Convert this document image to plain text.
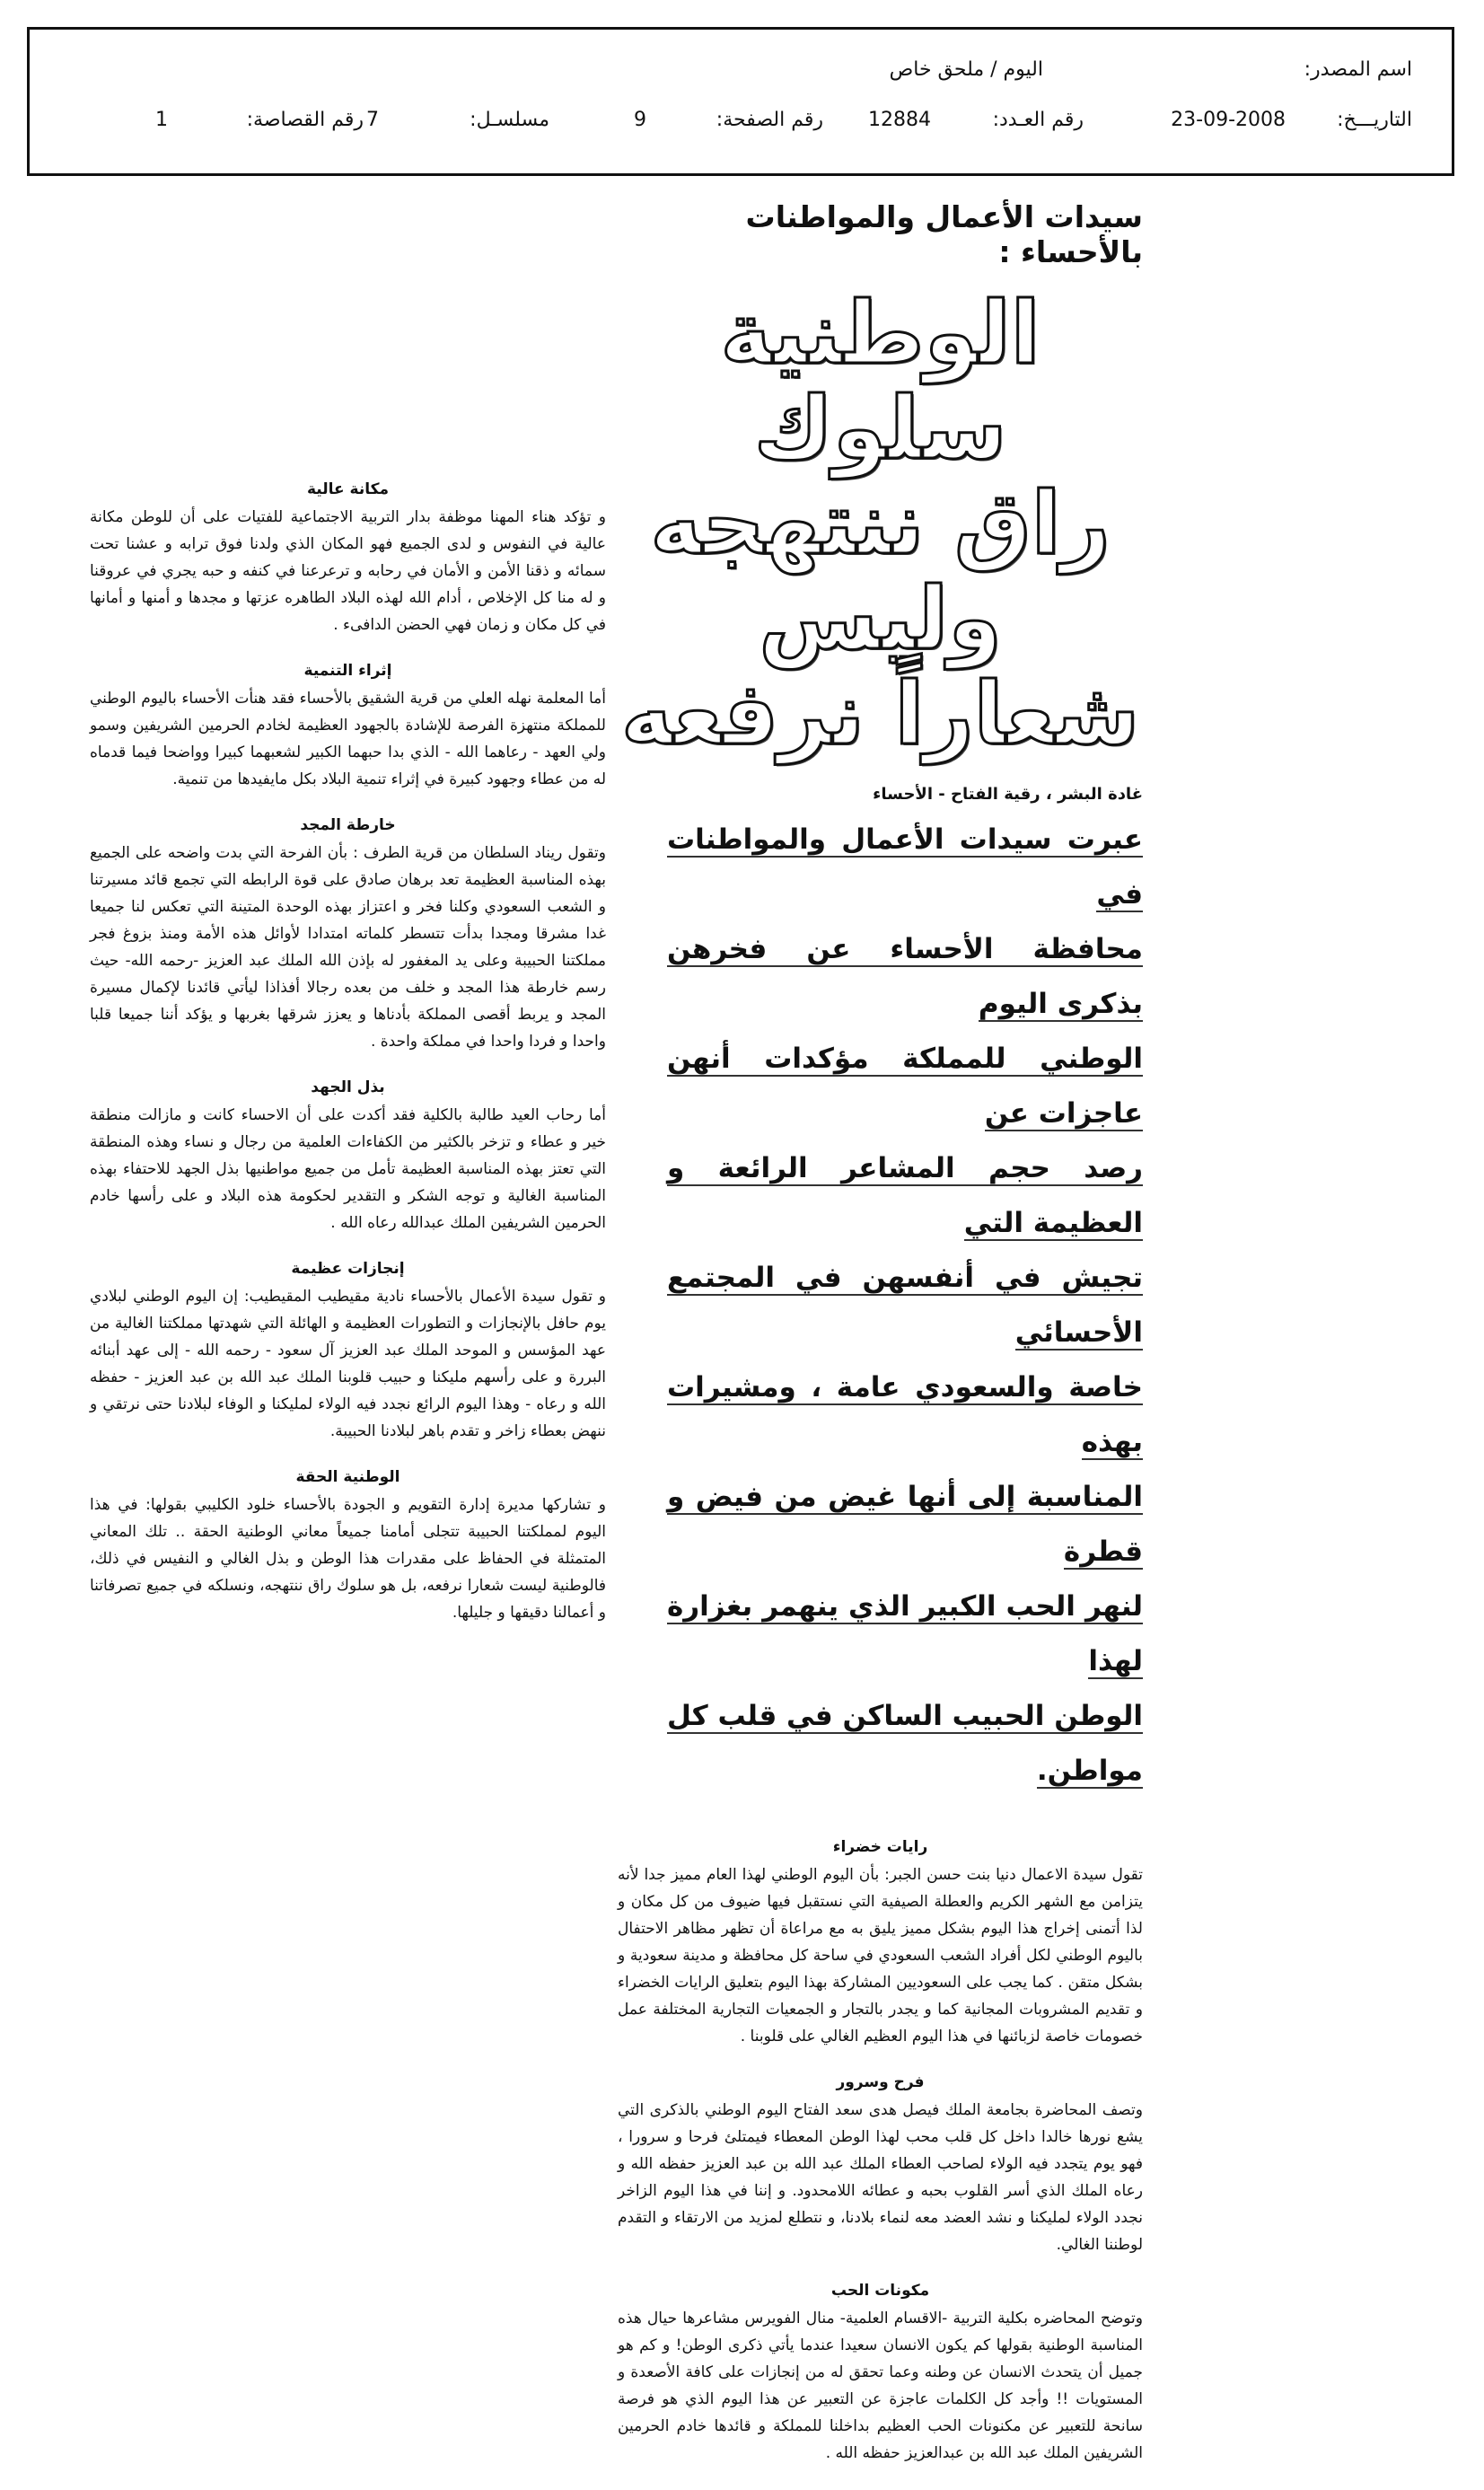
اسم المصدر:
اليوم / ملحق خاص
التاريـــخ:
23-09-2008
رقم العـدد:
12884
رقم الصفحة:
9
مسلسـل:
7
رقم القصاصة:
1

سيدات الأعمال والمواطنات بالأحساء :

الوطنية سلوك

راق ننتهجه وليس

شعاراً نرفعه

غادة البشر ، رقية الفتاح - الأحساء

عبرت سيدات الأعمال والمواطنات في
محافظة الأحساء عن فخرهن بذكرى اليوم
الوطني للمملكة مؤكدات أنهن عاجزات عن
رصد حجم المشاعر الرائعة و العظيمة التي
تجيش في أنفسهن في المجتمع الأحسائي
خاصة والسعودي عامة ، ومشيرات بهذه
المناسبة إلى أنها غيض من فيض و قطرة
لنهر الحب الكبير الذي ينهمر بغزارة لهذا
الوطن الحبيب الساكن في قلب كل مواطن.

رايات خضراء

تقول سيدة الاعمال دنيا بنت حسن الجبر: بأن اليوم الوطني لهذا العام مميز جدا لأنه يتزامن مع الشهر الكريم والعطلة الصيفية التي نستقبل فيها ضيوف من كل مكان و لذا أتمنى إخراج هذا اليوم بشكل مميز يليق به مع مراعاة أن تظهر مظاهر الاحتفال باليوم الوطني لكل أفراد الشعب السعودي في ساحة كل محافظة و مدينة سعودية و بشكل متقن . كما يجب على السعوديين المشاركة بهذا اليوم بتعليق الرايات الخضراء و تقديم المشروبات المجانية كما و يجدر بالتجار و الجمعيات التجارية المختلفة عمل خصومات خاصة لزبائنها في هذا اليوم العظيم الغالي على قلوبنا .

فرح وسرور

وتصف المحاضرة بجامعة الملك فيصل هدى سعد الفتاح اليوم الوطني بالذكرى التي يشع نورها خالدا داخل كل قلب محب لهذا الوطن المعطاء فيمتلئ فرحا و سرورا ، فهو يوم يتجدد فيه الولاء لصاحب العطاء الملك عبد الله بن عبد العزيز حفظه الله و رعاه الملك الذي أسر القلوب بحبه و عطائه اللامحدود. و إننا في هذا اليوم الزاخر نجدد الولاء لمليكنا و نشد العضد معه لنماء بلادنا، و نتطلع لمزيد من الارتقاء و التقدم لوطننا الغالي.

مكونات الحب

وتوضح المحاضره بكلية التربية -الاقسام العلمية- منال الفويرس مشاعرها حيال هذه المناسبة الوطنية بقولها كم يكون الانسان سعيدا عندما يأتي ذكرى الوطن! و كم هو جميل أن يتحدث الانسان عن وطنه وعما تحقق له من إنجازات على كافة الأصعدة و المستويات !! وأجد كل الكلمات عاجزة عن التعبير عن هذا اليوم الذي هو فرصة سانحة للتعبير عن مكنونات الحب العظيم بداخلنا للمملكة و قائدها خادم الحرمين الشريفين الملك عبد الله بن عبدالعزيز حفظه الله .

مكانة عالية

و تؤكد هناء المهنا موظفة بدار التربية الاجتماعية للفتيات على أن للوطن مكانة عالية في النفوس و لدى الجميع فهو المكان الذي ولدنا فوق ترابه و عشنا تحت سمائه و ذقنا الأمن و الأمان في رحابه و ترعرعنا في كنفه و حبه يجري في عروقنا و له منا كل الإخلاص ، أدام الله لهذه البلاد الطاهره عزتها و مجدها و أمنها و أمانها في كل مكان و زمان فهي الحضن الدافىء .

إثراء التنمية

أما المعلمة نهله العلي من قرية الشقيق بالأحساء فقد هنأت الأحساء باليوم الوطني للمملكة منتهزة الفرصة للإشادة بالجهود العظيمة لخادم الحرمين الشريفين وسمو ولي العهد - رعاهما الله - الذي بدا حبهما الكبير لشعبهما كبيرا وواضحا فيما قدماه له من عطاء وجهود كبيرة في إثراء تنمية البلاد بكل مايفيدها من تنمية.

خارطة المجد

وتقول ريناد السلطان من قرية الطرف : بأن الفرحة التي بدت واضحه على الجميع بهذه المناسبة العظيمة تعد برهان صادق على قوة الرابطه التي تجمع قائد مسيرتنا و الشعب السعودي وكلنا فخر و اعتزاز بهذه الوحدة المتينة التي تعكس لنا جميعا غدا مشرقا ومجدا بدأت تتسطر كلماته امتدادا لأوائل هذه الأمة ومنذ بزوغ فجر مملكتنا الحبيبة وعلى يد المغفور له بإذن الله الملك عبد العزيز -رحمه الله- حيث رسم خارطة هذا المجد و خلف من بعده رجالا أفذاذا ليأتي قائدنا لإكمال مسيرة المجد و يربط أقصى المملكة بأدناها و يعزز شرقها بغربها و يؤكد أننا جميعا قلبا واحدا و فردا واحدا في مملكة واحدة .

بذل الجهد

أما رحاب العيد طالبة بالكلية فقد أكدت على أن الاحساء كانت و مازالت منطقة خير و عطاء و تزخر بالكثير من الكفاءات العلمية من رجال و نساء وهذه المنطقة التي تعتز بهذه المناسبة العظيمة تأمل من جميع مواطنيها بذل الجهد للاحتفاء بهذه المناسبة الغالية و توجه الشكر و التقدير لحكومة هذه البلاد و على رأسها خادم الحرمين الشريفين الملك عبدالله رعاه الله .

إنجازات عظيمة

و تقول سيدة الأعمال بالأحساء نادية مقيطيب المقيطيب: إن اليوم الوطني لبلادي يوم حافل بالإنجازات و التطورات العظيمة و الهائلة التي شهدتها مملكتنا الغالية من عهد المؤسس و الموحد الملك عبد العزيز آل سعود - رحمه الله - إلى عهد أبنائه البررة و على رأسهم مليكنا و حبيب قلوبنا الملك عبد الله بن عبد العزيز - حفظه الله و رعاه - وهذا اليوم الرائع نجدد فيه الولاء لمليكنا و الوفاء لبلادنا حتى نرتقي و ننهض بعطاء زاخر و تقدم باهر لبلادنا الحبيبة.

الوطنية الحقة

و تشاركها مديرة إدارة التقويم و الجودة بالأحساء خلود الكليبي بقولها: في هذا اليوم لمملكتنا الحبيبة تتجلى أمامنا جميعاً معاني الوطنية الحقة .. تلك المعاني المتمثلة في الحفاظ على مقدرات هذا الوطن و بذل الغالي و النفيس في ذلك، فالوطنية ليست شعارا نرفعه، بل هو سلوك راق ننتهجه، ونسلكه في جميع تصرفاتنا و أعمالنا دقيقها و جليلها.
